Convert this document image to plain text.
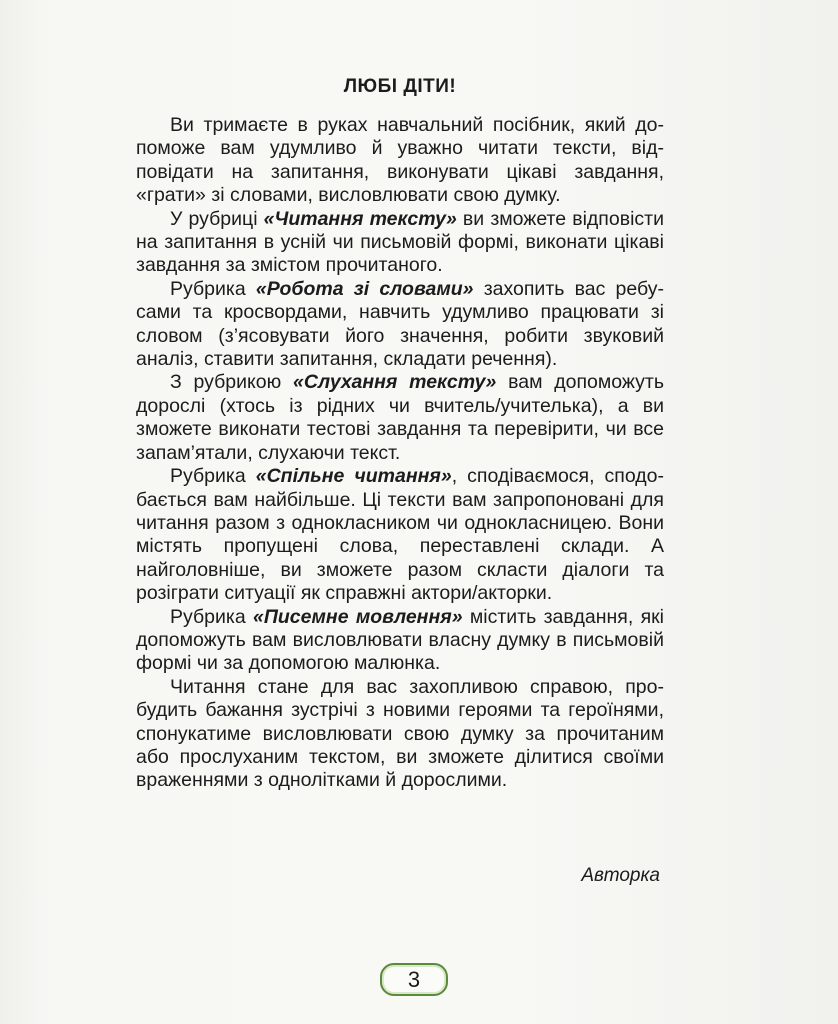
ЛЮБІ ДІТИ!

Ви тримаєте в руках навчальний посібник, який допоможе вам удумливо й уважно читати тексти, відповідати на запитання, виконувати цікаві завдання, «грати» зі словами, висловлювати свою думку.

У рубриці «Читання тексту» ви зможете відповісти на запитання в усній чи письмовій формі, виконати цікаві завдання за змістом прочитаного.

Рубрика «Робота зі словами» захопить вас ребусами та кросвордами, навчить удумливо працювати зі словом (з’ясовувати його значення, робити звуковий аналіз, ставити запитання, складати речення).

З рубрикою «Слухання тексту» вам допоможуть дорослі (хтось із рідних чи вчитель/учителька), а ви зможете виконати тестові завдання та перевірити, чи все запам’ятали, слухаючи текст.

Рубрика «Спільне читання», сподіваємося, сподобається вам найбільше. Ці тексти вам запропоновані для читання разом з однокласником чи однокласницею. Вони містять пропущені слова, переставлені склади. А найголовніше, ви зможете разом скласти діалоги та розіграти ситуації як справжні актори/акторки.

Рубрика «Писемне мовлення» містить завдання, які допоможуть вам висловлювати власну думку в письмовій формі чи за допомогою малюнка.

Читання стане для вас захопливою справою, пробудить бажання зустрічі з новими героями та героїнями, спонукатиме висловлювати свою думку за прочитаним або прослуханим текстом, ви зможете ділитися своїми враженнями з однолітками й дорослими.

Авторка
3
